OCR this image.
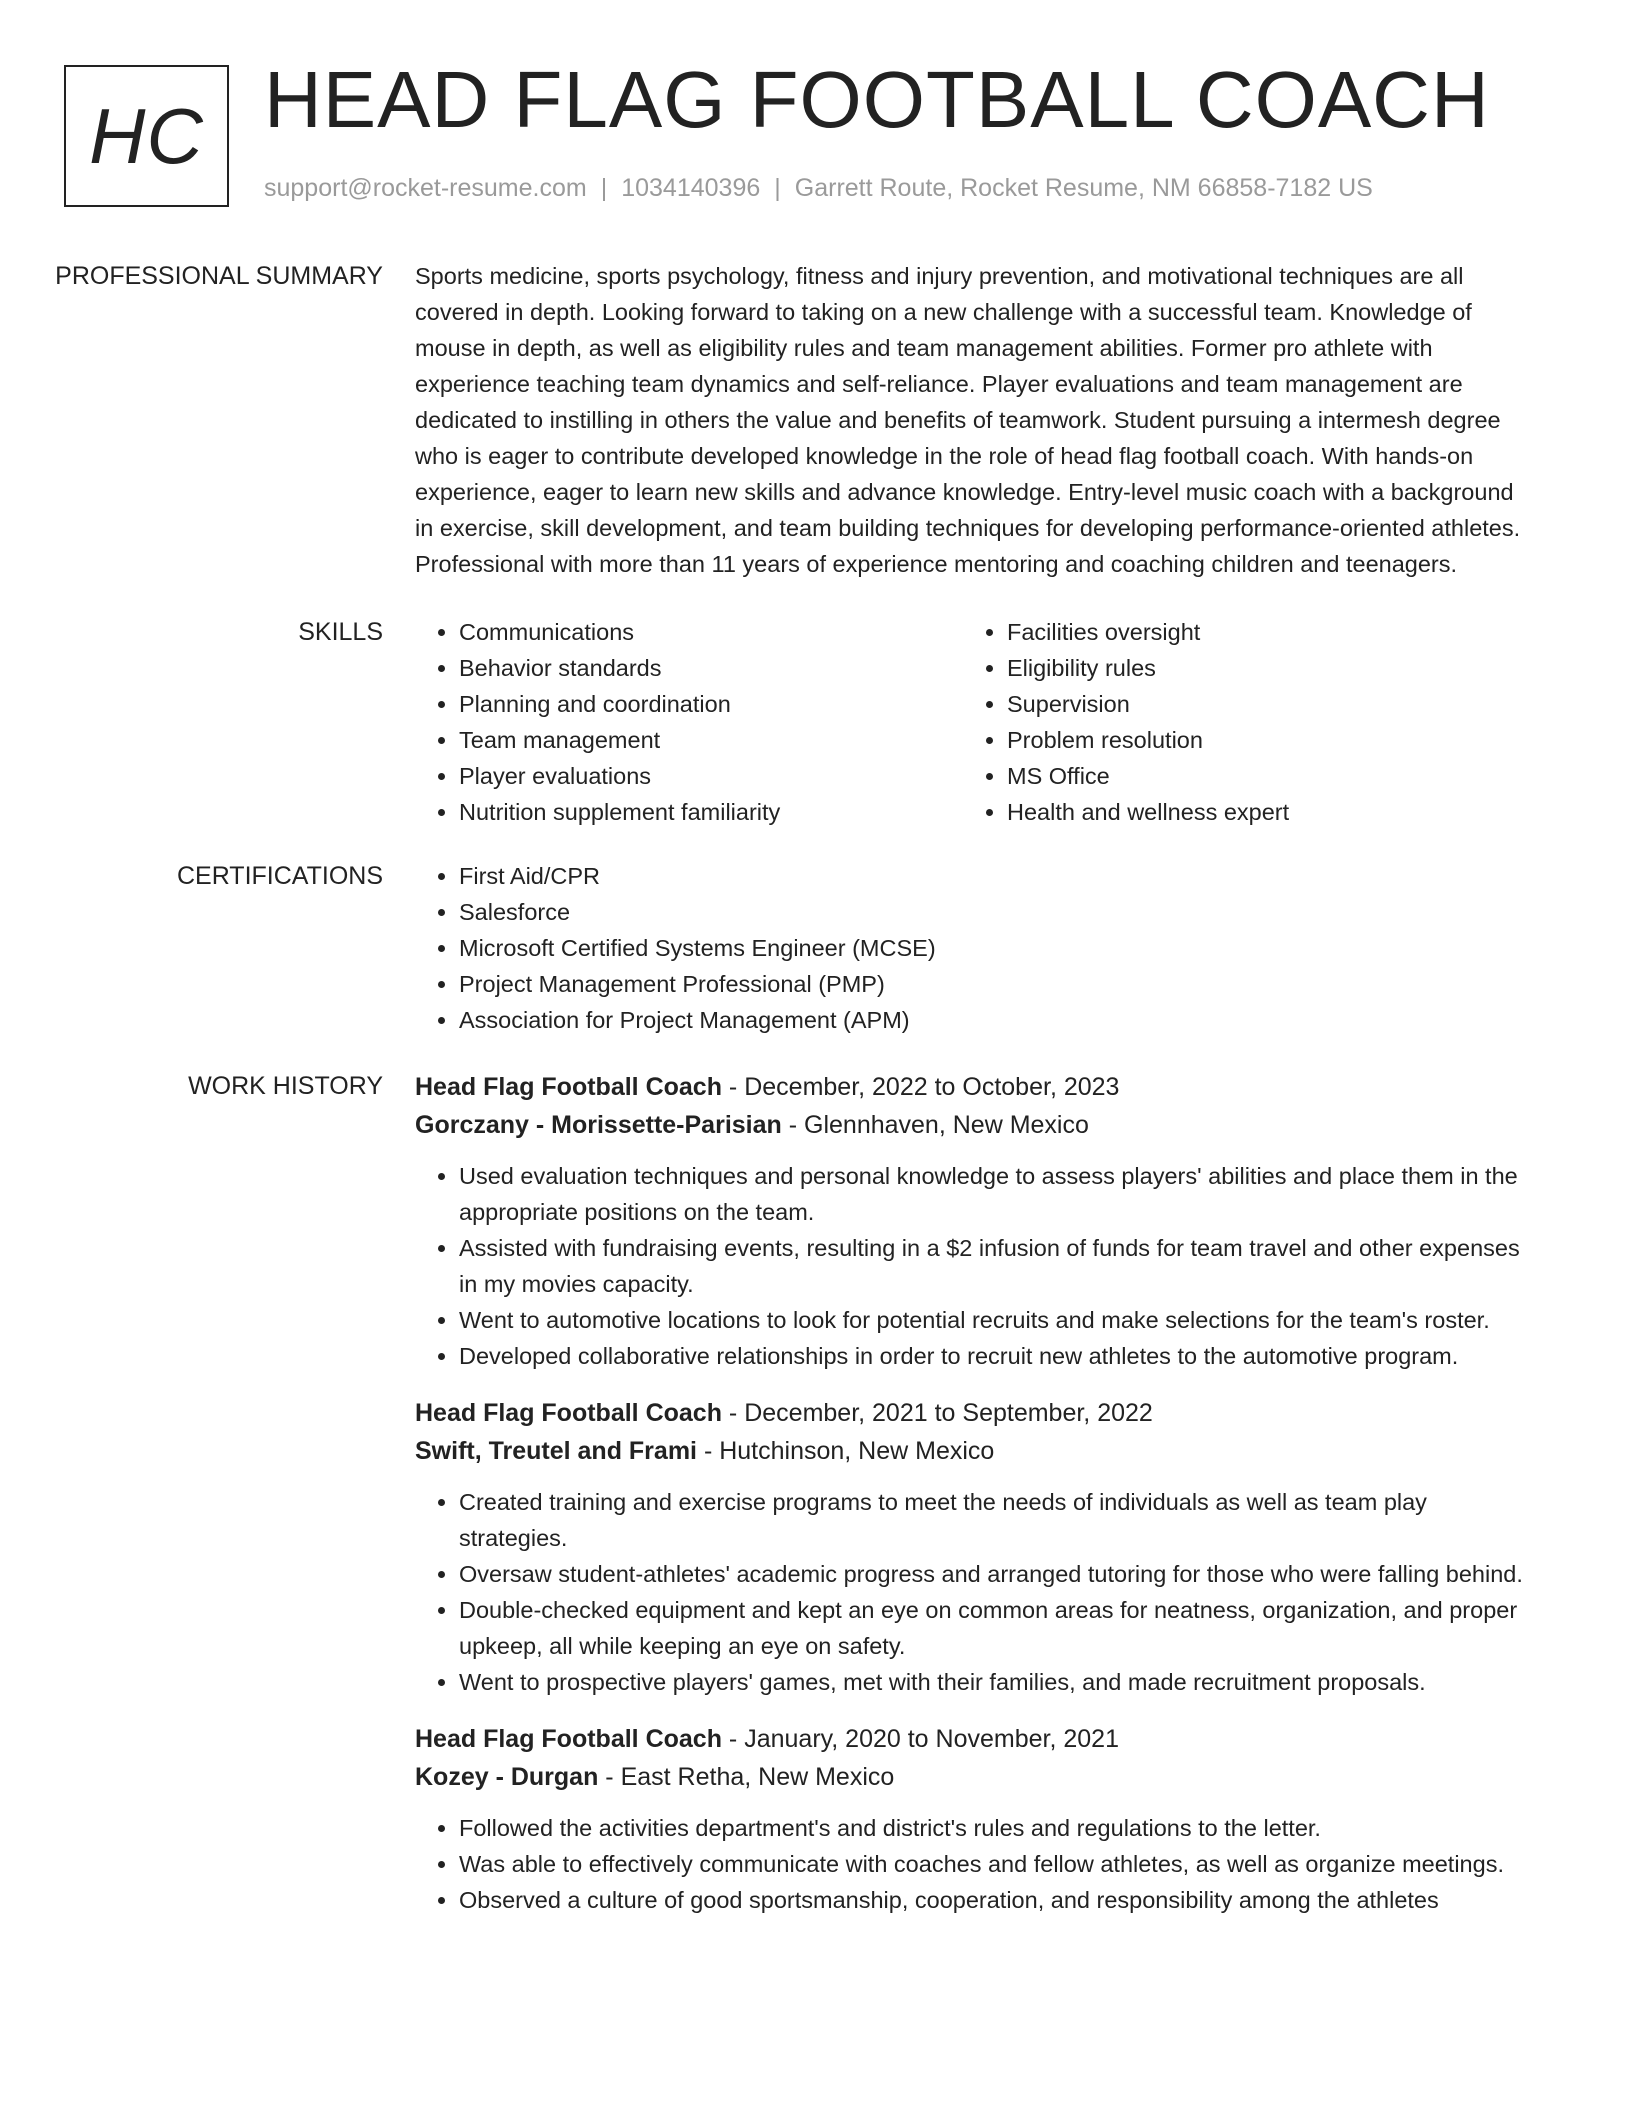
HC HEAD FLAG FOOTBALL COACH
support@rocket-resume.com | 1034140396 | Garrett Route, Rocket Resume, NM 66858-7182 US
PROFESSIONAL SUMMARY	Sports medicine, sports psychology, fitness and injury prevention, and motivational techniques are all covered in depth. Looking forward to taking on a new challenge with a successful team. Knowledge of mouse in depth, as well as eligibility rules and team management abilities. Former pro athlete with experience teaching team dynamics and self-reliance. Player evaluations and team management are dedicated to instilling in others the value and benefits of teamwork. Student pursuing a intermesh degree who is eager to contribute developed knowledge in the role of head flag football coach. With hands-on experience, eager to learn new skills and advance knowledge. Entry-level music coach with a background in exercise, skill development, and team building techniques for developing performance-oriented athletes. Professional with more than 11 years of experience mentoring and coaching children and teenagers.

SKILLS	• Communications
• Behavior standards
• Planning and coordination
• Team management
• Player evaluations
• Nutrition supplement familiarity
• Facilities oversight
• Eligibility rules
• Supervision
• Problem resolution
• MS Office
• Health and wellness expert
CERTIFICATIONS	• First Aid/CPR
• Salesforce
• Microsoft Certified Systems Engineer (MCSE)
• Project Management Professional (PMP)
• Association for Project Management (APM)
WORK HISTORY	Head Flag Football Coach - December, 2022 to October, 2023
Gorczany - Morissette-Parisian - Glennhaven, New Mexico
• Used evaluation techniques and personal knowledge to assess players' abilities and place them in the appropriate positions on the team.
• Assisted with fundraising events, resulting in a $2 infusion of funds for team travel and other expenses in my movies capacity.
• Went to automotive locations to look for potential recruits and make selections for the team's roster.
• Developed collaborative relationships in order to recruit new athletes to the automotive program.
Head Flag Football Coach - December, 2021 to September, 2022
Swift, Treutel and Frami - Hutchinson, New Mexico
• Created training and exercise programs to meet the needs of individuals as well as team play strategies.
• Oversaw student-athletes' academic progress and arranged tutoring for those who were falling behind.
• Double-checked equipment and kept an eye on common areas for neatness, organization, and proper upkeep, all while keeping an eye on safety.
• Went to prospective players' games, met with their families, and made recruitment proposals.
Head Flag Football Coach - January, 2020 to November, 2021
Kozey - Durgan - East Retha, New Mexico
• Followed the activities department's and district's rules and regulations to the letter.
• Was able to effectively communicate with coaches and fellow athletes, as well as organize meetings.
• Observed a culture of good sportsmanship, cooperation, and responsibility among the athletes
